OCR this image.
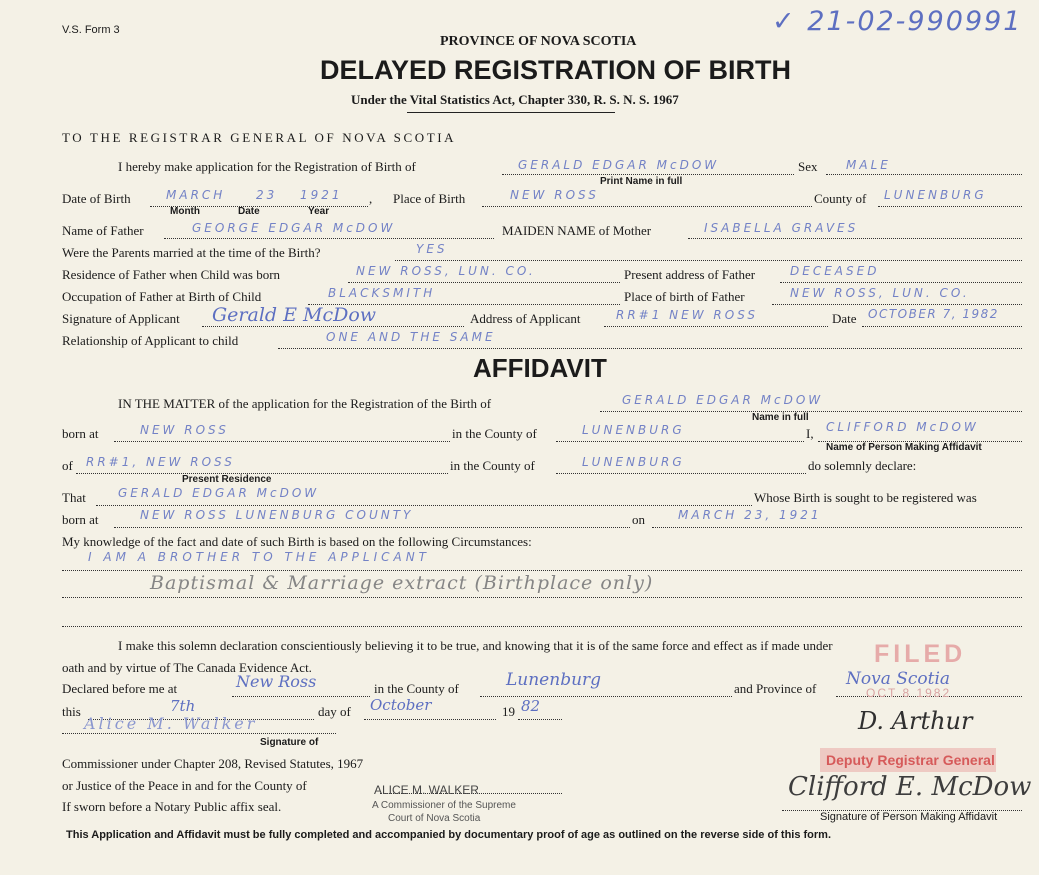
V.S. Form 3	✓ 21-02-990991
PROVINCE OF NOVA SCOTIA
DELAYED REGISTRATION OF BIRTH
Under the Vital Statistics Act, Chapter 330, R. S. N. S. 1967
TO THE REGISTRAR GENERAL OF NOVA SCOTIA
I hereby make application for the Registration of Birth of	GERALD EDGAR McDOW	Sex MALE
Print Name in full
Date of Birth	MARCH	23 1921 ,
Month	Date	Year
Place of Birth	NEW ROSS	County of LUNENBURG
Name of Father	GEORGE EDGAR McDOW	MAIDEN NAME of Mother	ISABELLA GRAVES
Were the Parents married at the time of the Birth?	YES
Residence of Father when Child was born	NEW ROSS, LUN. CO.	Present address of Father	DECEASED
Occupation of Father at Birth of Child	BLACKSMITH	Place of birth of Father	NEW ROSS, LUN. CO.
Signature of Applicant Gerald E McDow	Address of Applicant	RR#1 NEW ROSS	Date OCTOBER 7, 1982
Relationship of Applicant to child	ONE AND THE SAME
AFFIDAVIT
IN THE MATTER of the application for the Registration of the Birth of	GERALD EDGAR McDOW
Name in full
born at	NEW ROSS	in the County of	LUNENBURG	I, CLIFFORD McDOW
Name of Person Making Affidavit
of RR#1, NEW ROSS
Present Residence
in the County of	LUNENBURG	do solemnly declare:
That	GERALD EDGAR McDOW	Whose Birth is sought to be registered was
born at	NEW ROSS LUNENBURG COUNTY	on	MARCH 23, 1921
My knowledge of the fact and date of such Birth is based on the following Circumstances:
I AM A BROTHER TO THE APPLICANT
Baptismal & Marriage extract (Birthplace only)
I make this solemn declaration conscientiously believing it to be true, and knowing that it is of the same force and effect as if made under
oath and by virtue of The Canada Evidence Act.
Declared before me at	New Ross	in the County of	Lunenburg	and Province of Nova Scotia
this	7th	day of October	19 82
Alice M. Walker
Signature of
Commissioner under Chapter 208, Revised Statutes, 1967
or Justice of the Peace in and for the County of
If sworn before a Notary Public affix seal.
ALICE M. WALKER
A Commissioner of the Supreme
Court of Nova Scotia
FILED
OCT 8 1982
D. Arthur
Deputy Registrar General
Clifford E. McDow
Signature of Person Making Affidavit
This Application and Affidavit must be fully completed and accompanied by documentary proof of age as outlined on the reverse side of this form.
